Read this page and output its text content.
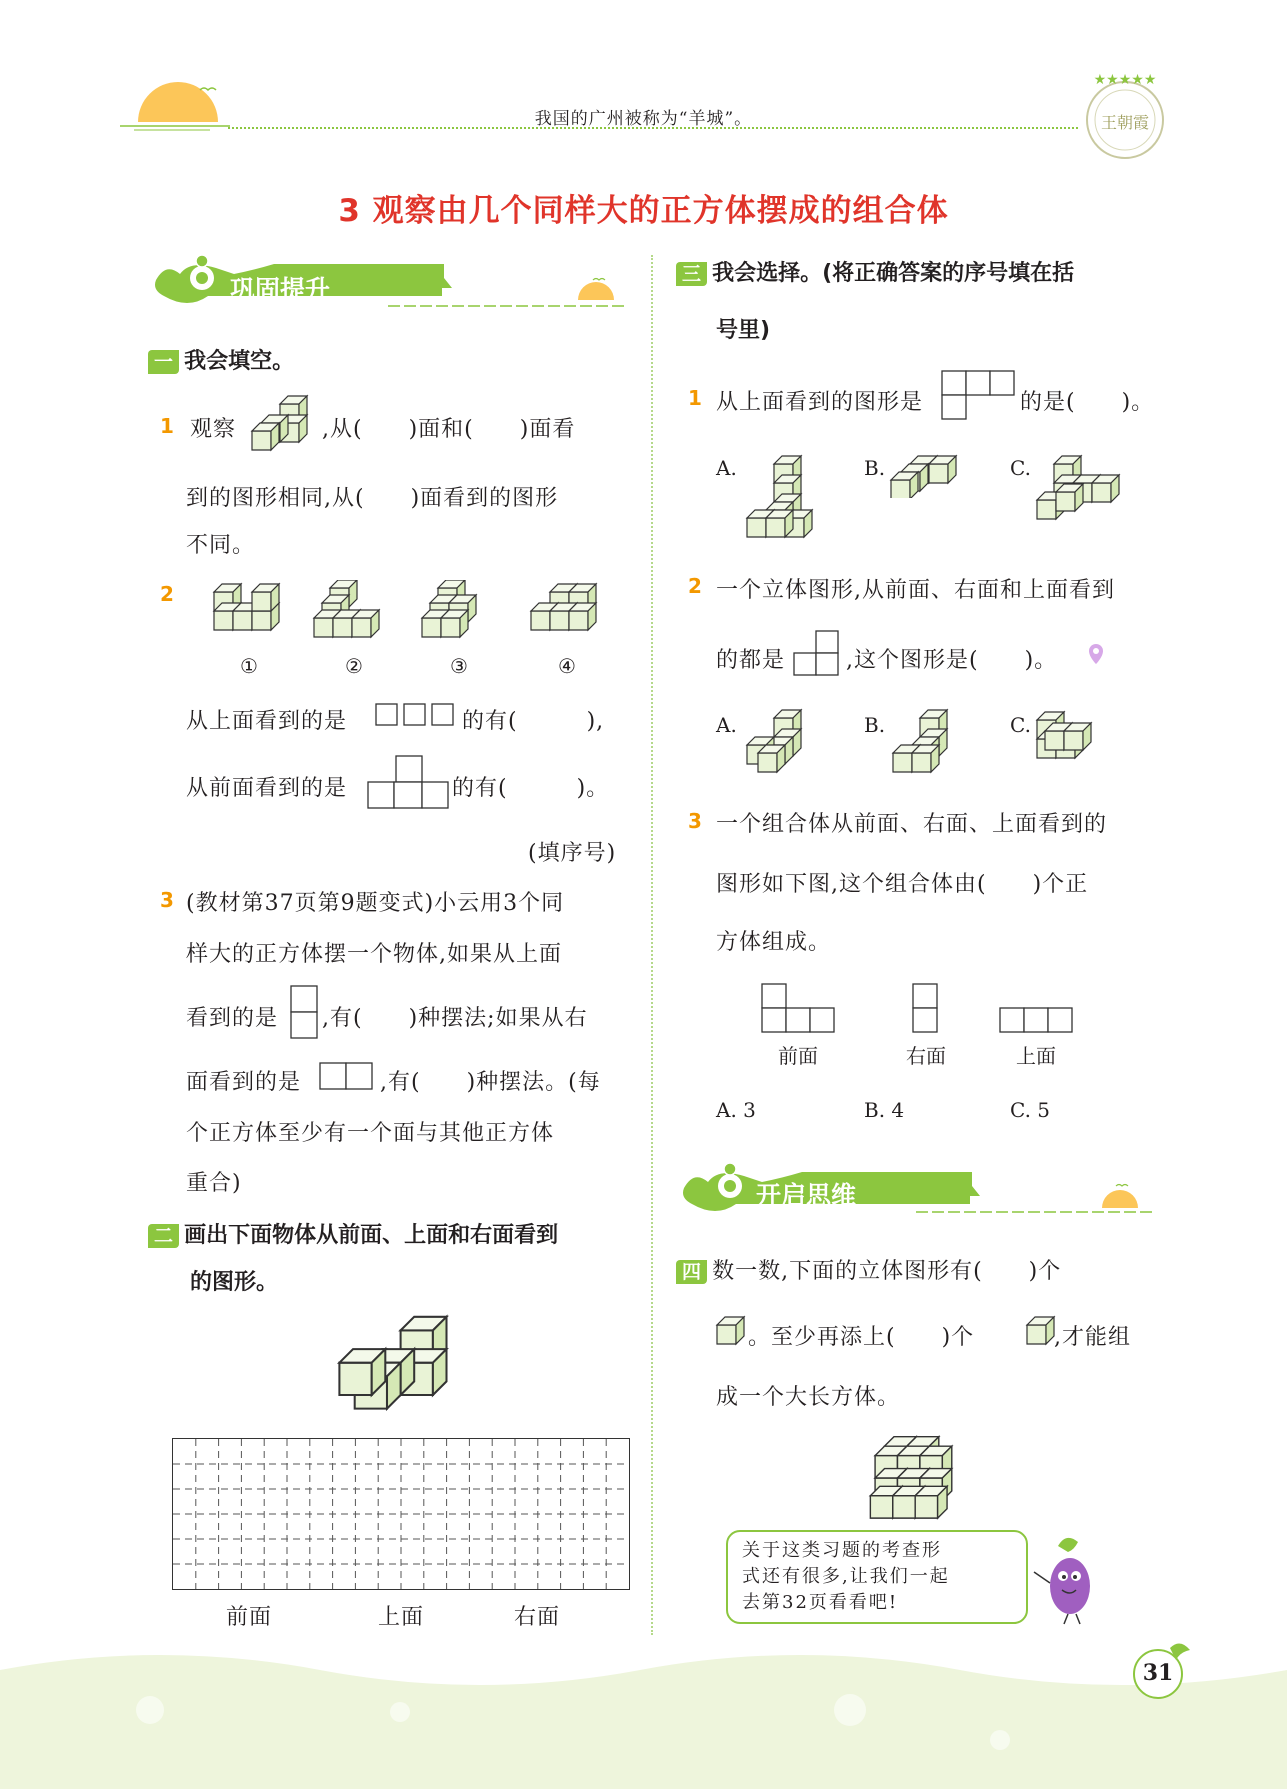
我国的广州被称为“羊城”。
★★★★★
王朝霞
3 观察由几个同样大的正方体摆成的组合体
巩固提升
一 我会填空。
1 观察	,从(　　)面和(　　)面看
到的图形相同,从(　　)面看到的图形
不同。
2
①	②	③	④
从上面看到的是	的有(　　　),
从前面看到的是	的有(　　　)。
(填序号)
3 (教材第37页第9题变式)小云用3个同
样大的正方体摆一个物体,如果从上面
看到的是 ,有(　　)种摆法;如果从右
面看到的是	,有(　　)种摆法。(每
个正方体至少有一个面与其他正方体
重合)
二 画出下面物体从前面、上面和右面看到
的图形。
前面	上面	右面
三 我会选择。(将正确答案的序号填在括
号里)
1 从上面看到的图形是	的是(　　)。
A.	B.	C.
2 一个立体图形,从前面、右面和上面看到
的都是	,这个图形是(　　)。
A.	B.	C.
3 一个组合体从前面、右面、上面看到的
图形如下图,这个组合体由(　　)个正
方体组成。
前面	右面	上面
A. 3	B. 4	C. 5
开启思维
四 数一数,下面的立体图形有(　　)个
。至少再添上(　　)个	,才能组
成一个大长方体。
关于这类习题的考查形
式还有很多,让我们一起
去第32页看看吧!
31
